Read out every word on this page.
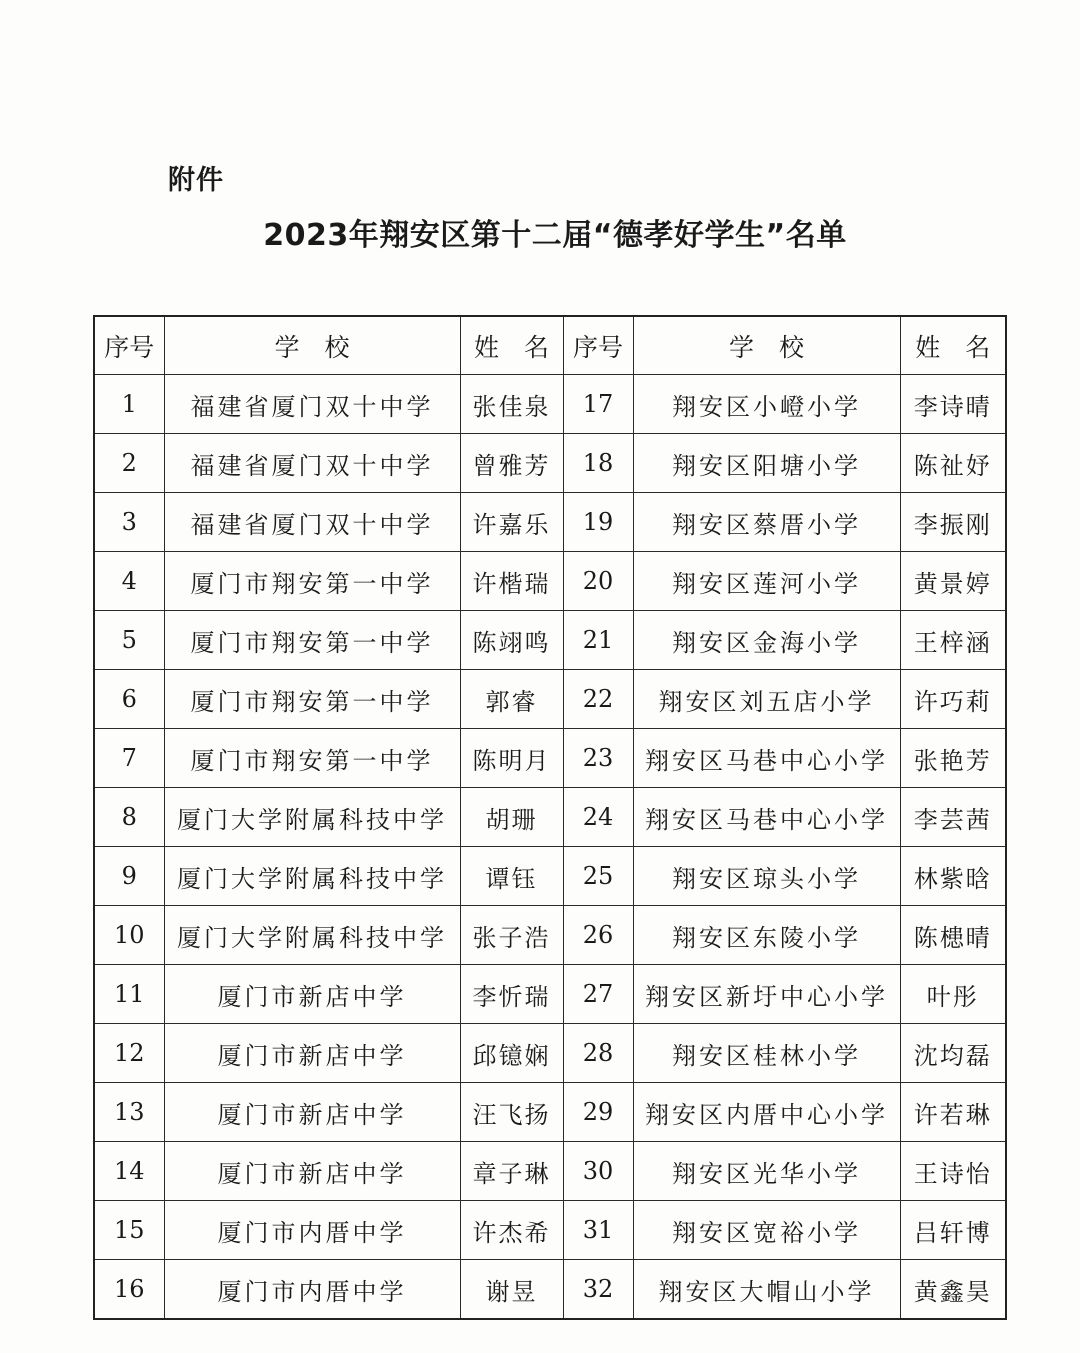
附件
2023年翔安区第十二届“德孝好学生”名单
序号	学　校	姓　名	序号	学　校	姓　名
1	福建省厦门双十中学	张佳泉	17	翔安区小嶝小学	李诗晴
2	福建省厦门双十中学	曾雅芳	18	翔安区阳塘小学	陈祉妤
3	福建省厦门双十中学	许嘉乐	19	翔安区蔡厝小学	李振刚
4	厦门市翔安第一中学	许楷瑞	20	翔安区莲河小学	黄景婷
5	厦门市翔安第一中学	陈翊鸣	21	翔安区金海小学	王梓涵
6	厦门市翔安第一中学	郭睿	22	翔安区刘五店小学	许巧莉
7	厦门市翔安第一中学	陈明月	23	翔安区马巷中心小学	张艳芳
8	厦门大学附属科技中学	胡珊	24	翔安区马巷中心小学	李芸茜
9	厦门大学附属科技中学	谭钰	25	翔安区琼头小学	林紫晗
10	厦门大学附属科技中学	张子浩	26	翔安区东陵小学	陈槵晴
11	厦门市新店中学	李忻瑞	27	翔安区新圩中心小学	叶彤
12	厦门市新店中学	邱镱娴	28	翔安区桂林小学	沈均磊
13	厦门市新店中学	汪飞扬	29	翔安区内厝中心小学	许若琳
14	厦门市新店中学	章子琳	30	翔安区光华小学	王诗怡
15	厦门市内厝中学	许杰希	31	翔安区宽裕小学	吕轩博
16	厦门市内厝中学	谢昱	32	翔安区大帽山小学	黄鑫昊
